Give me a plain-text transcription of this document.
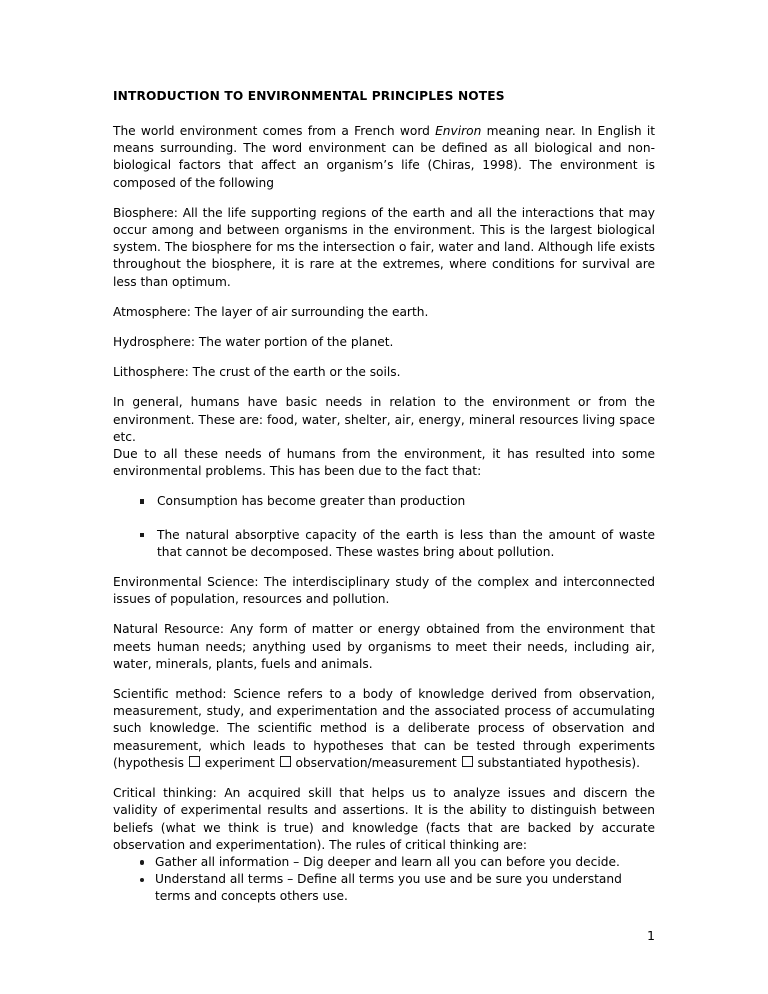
INTRODUCTION TO ENVIRONMENTAL PRINCIPLES NOTES

The world environment comes from a French word Environ meaning near. In English it means surrounding. The word environment can be defined as all biological and non- biological factors that affect an organism’s life (Chiras, 1998). The environment is composed of the following

Biosphere: All the life supporting regions of the earth and all the interactions that may occur among and between organisms in the environment. This is the largest biological system. The biosphere for ms the intersection o fair, water and land. Although life exists throughout the biosphere, it is rare at the extremes, where conditions for survival are less than optimum.

Atmosphere: The layer of air surrounding the earth.

Hydrosphere: The water portion of the planet.

Lithosphere: The crust of the earth or the soils.

In general, humans have basic needs in relation to the environment or from the environment. These are: food, water, shelter, air, energy, mineral resources living space etc.

Due to all these needs of humans from the environment, it has resulted into some environmental problems. This has been due to the fact that:

Consumption has become greater than production
The natural absorptive capacity of the earth is less than the amount of waste that cannot be decomposed. These wastes bring about pollution.

Environmental Science: The interdisciplinary study of the complex and interconnected issues of population, resources and pollution.

Natural Resource: Any form of matter or energy obtained from the environment that meets human needs; anything used by organisms to meet their needs, including air, water, minerals, plants, fuels and animals.

Scientific method: Science refers to a body of knowledge derived from observation, measurement, study, and experimentation and the associated process of accumulating such knowledge. The scientific method is a deliberate process of observation and measurement, which leads to hypotheses that can be tested through experiments (hypothesis  experiment  observation/measurement  substantiated hypothesis).

Critical thinking: An acquired skill that helps us to analyze issues and discern the validity of experimental results and assertions. It is the ability to distinguish between beliefs (what we think is true) and knowledge (facts that are backed by accurate observation and experimentation). The rules of critical thinking are:

Gather all information – Dig deeper and learn all you can before you decide.
Understand all terms – Define all terms you use and be sure you understand terms and concepts others use.
1
